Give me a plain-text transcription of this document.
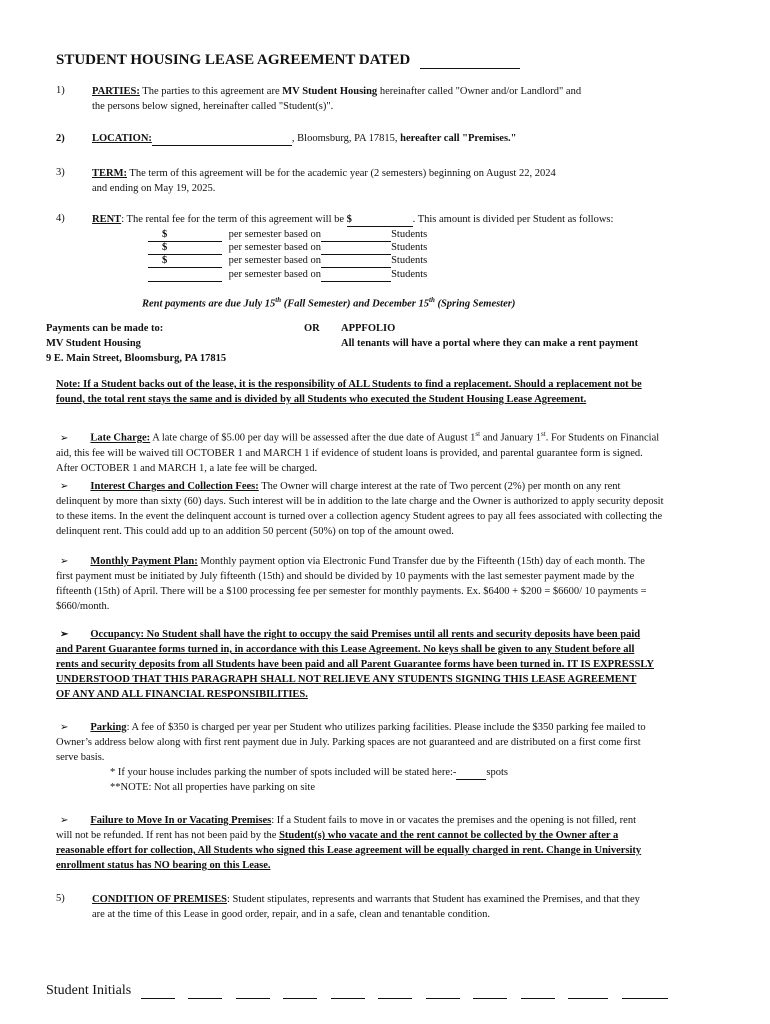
STUDENT HOUSING LEASE AGREEMENT DATED
1)	PARTIES: The parties to this agreement are MV Student Housing hereinafter called "Owner and/or Landlord" and
the persons below signed, hereinafter called "Student(s)".
2)	LOCATION:	, Bloomsburg, PA 17815, hereafter call "Premises."
3)	TERM: The term of this agreement will be for the academic year (2 semesters) beginning on August 22, 2024
and ending on May 19, 2025.
4)	RENT: The rental fee for the term of this agreement will be $	. This amount is divided per Student as follows:
$	per semester based on	Students
$	per semester based on	Students
$	per semester based on	Students
per semester based on	Students
Rent payments are due July 15th (Fall Semester) and December 15th (Spring Semester)
Payments can be made to:
MV Student Housing
9 E. Main Street, Bloomsburg, PA 17815
OR APPFOLIO
All tenants will have a portal where they can make a rent payment
Note: If a Student backs out of the lease, it is the responsibility of ALL Students to find a replacement. Should a replacement not be
found, the total rent stays the same and is divided by all Students who executed the Student Housing Lease Agreement.
➢ Late Charge: A late charge of $5.00 per day will be assessed after the due date of August 1st and January 1st. For Students on Financial
aid, this fee will be waived till OCTOBER 1 and MARCH 1 if evidence of student loans is provided, and parental guarantee form is signed.
After OCTOBER 1 and MARCH 1, a late fee will be charged.
➢ Interest Charges and Collection Fees: The Owner will charge interest at the rate of Two percent (2%) per month on any rent
delinquent by more than sixty (60) days. Such interest will be in addition to the late charge and the Owner is authorized to apply security deposit
to these items. In the event the delinquent account is turned over a collection agency Student agrees to pay all fees associated with collecting the
delinquent rent. This could add up to an addition 50 percent (50%) on top of the amount owed.
➢ Monthly Payment Plan: Monthly payment option via Electronic Fund Transfer due by the Fifteenth (15th) day of each month. The
first payment must be initiated by July fifteenth (15th) and should be divided by 10 payments with the last semester payment made by the
fifteenth (15th) of April. There will be a $100 processing fee per semester for monthly payments. Ex. $6400 + $200 = $6600/ 10 payments =
$660/month.
➢ Occupancy: No Student shall have the right to occupy the said Premises until all rents and security deposits have been paid
and Parent Guarantee forms turned in, in accordance with this Lease Agreement. No keys shall be given to any Student before all
rents and security deposits from all Students have been paid and all Parent Guarantee forms have been turned in. IT IS EXPRESSLY
UNDERSTOOD THAT THIS PARAGRAPH SHALL NOT RELIEVE ANY STUDENTS SIGNING THIS LEASE AGREEMENT
OF ANY AND ALL FINANCIAL RESPONSIBILITIES.
➢ Parking: A fee of $350 is charged per year per Student who utilizes parking facilities. Please include the $350 parking fee mailed to
Owner’s address below along with first rent payment due in July. Parking spaces are not guaranteed and are distributed on a first come first
serve basis.
* If your house includes parking the number of spots included will be stated here:-	spots
**NOTE: Not all properties have parking on site
➢ Failure to Move In or Vacating Premises: If a Student fails to move in or vacates the premises and the opening is not filled, rent
will not be refunded. If rent has not been paid by the Student(s) who vacate and the rent cannot be collected by the Owner after a
reasonable effort for collection, All Students who signed this Lease agreement will be equally charged in rent. Change in University
enrollment status has NO bearing on this Lease.
5)	CONDITION OF PREMISES: Student stipulates, represents and warrants that Student has examined the Premises, and that they
are at the time of this Lease in good order, repair, and in a safe, clean and tenantable condition.
Student Initials
